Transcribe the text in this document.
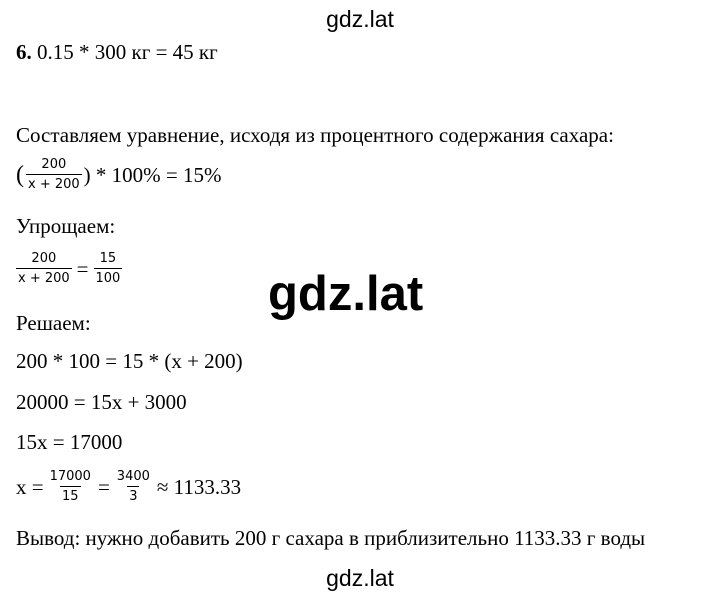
gdz.lat
6. 0.15 * 300 кг = 45 кг
Составляем уравнение, исходя из процентного содержания сахара:
( $\frac{200}{x + 200}$ ) * 100% = 15%
Упрощаем:
$\frac{200}{x + 200} = \frac{15}{100}$	gdz.lat
Решаем:
200 * 100 = 15 * (x + 200)
20000 = 15x + 3000
15x = 17000
$x = \frac{17000}{15} = \frac{3400}{3} \approx 1133.33$
Вывод: нужно добавить 200 г сахара в приблизительно 1133.33 г воды
gdz.lat
